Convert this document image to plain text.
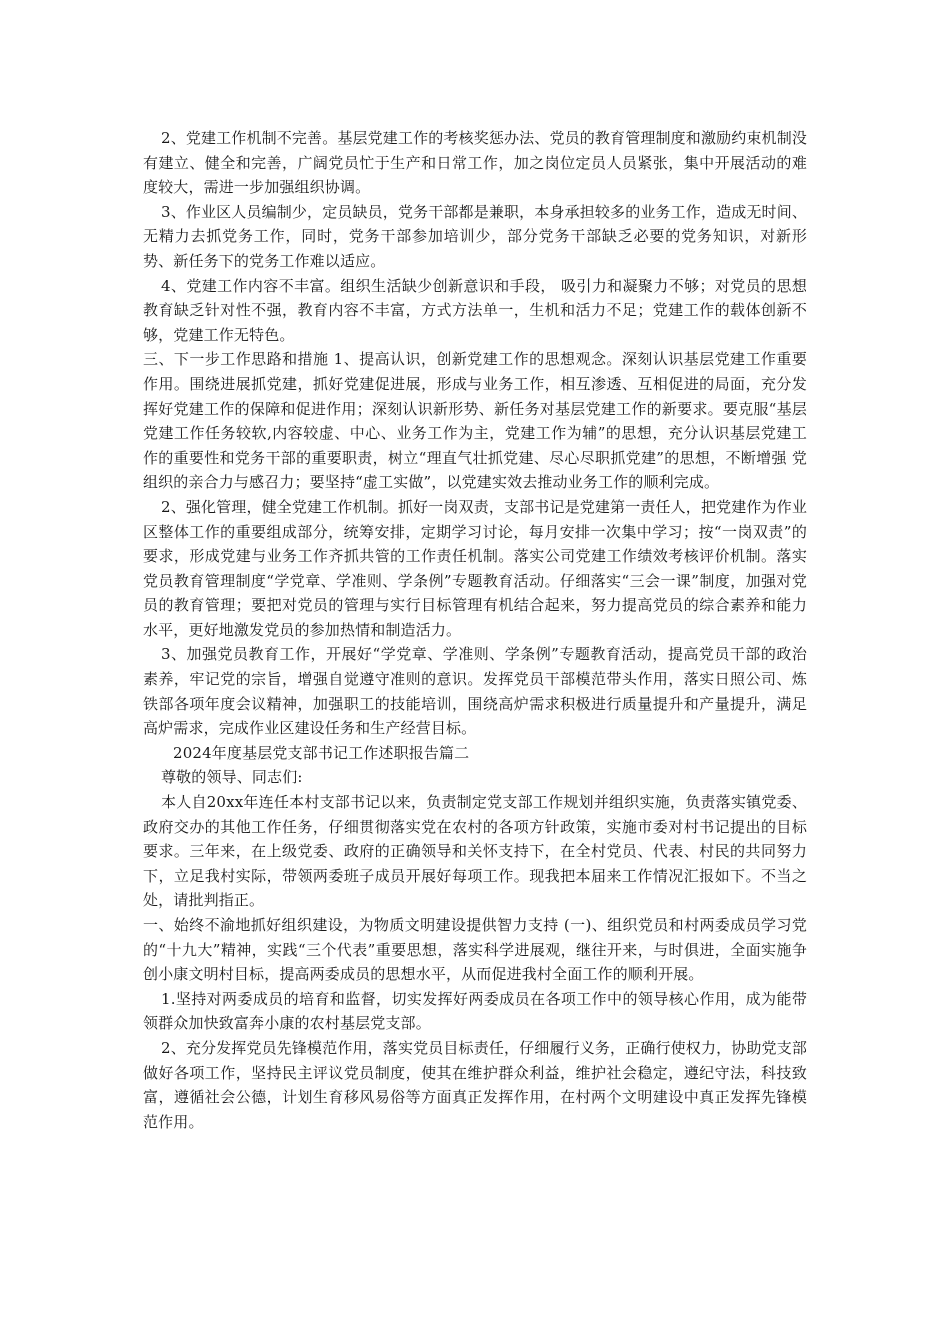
2、党建工作机制不完善。基层党建工作的考核奖惩办法、党员的教育管理制度和激励约束机制没有建立、健全和完善，广阔党员忙于生产和日常工作，加之岗位定员人员紧张，集中开展活动的难度较大，需进一步加强组织协调。

3、作业区人员编制少，定员缺员，党务干部都是兼职，本身承担较多的业务工作，造成无时间、无精力去抓党务工作，同时，党务干部参加培训少，部分党务干部缺乏必要的党务知识，对新形势、新任务下的党务工作难以适应。

4、党建工作内容不丰富。组织生活缺少创新意识和手段， 吸引力和凝聚力不够；对党员的思想教育缺乏针对性不强，教育内容不丰富，方式方法单一，生机和活力不足；党建工作的载体创新不够，党建工作无特色。

三、下一步工作思路和措施 1、提高认识，创新党建工作的思想观念。深刻认识基层党建工作重要作用。围绕进展抓党建，抓好党建促进展，形成与业务工作，相互渗透、互相促进的局面，充分发挥好党建工作的保障和促进作用；深刻认识新形势、新任务对基层党建工作的新要求。要克服“基层党建工作任务较软,内容较虚、中心、业务工作为主，党建工作为辅”的思想，充分认识基层党建工作的重要性和党务干部的重要职责，树立“理直气壮抓党建、尽心尽职抓党建”的思想，不断增强 党组织的亲合力与感召力；要坚持“虚工实做”，以党建实效去推动业务工作的顺利完成。

2、强化管理，健全党建工作机制。抓好一岗双责，支部书记是党建第一责任人，把党建作为作业区整体工作的重要组成部分，统筹安排，定期学习讨论，每月安排一次集中学习；按“一岗双责”的要求，形成党建与业务工作齐抓共管的工作责任机制。落实公司党建工作绩效考核评价机制。落实党员教育管理制度“学党章、学准则、学条例”专题教育活动。仔细落实“三会一课”制度，加强对党员的教育管理；要把对党员的管理与实行目标管理有机结合起来，努力提高党员的综合素养和能力水平，更好地激发党员的参加热情和制造活力。

3、加强党员教育工作，开展好“学党章、学准则、学条例”专题教育活动，提高党员干部的政治素养，牢记党的宗旨，增强自觉遵守准则的意识。发挥党员干部模范带头作用，落实日照公司、炼铁部各项年度会议精神，加强职工的技能培训，围绕高炉需求积极进行质量提升和产量提升，满足高炉需求，完成作业区建设任务和生产经营目标。

2024年度基层党支部书记工作述职报告篇二

尊敬的领导、同志们:

本人自20xx年连任本村支部书记以来，负责制定党支部工作规划并组织实施，负责落实镇党委、政府交办的其他工作任务，仔细贯彻落实党在农村的各项方针政策，实施市委对村书记提出的目标要求。三年来，在上级党委、政府的正确领导和关怀支持下，在全村党员、代表、村民的共同努力下，立足我村实际，带领两委班子成员开展好每项工作。现我把本届来工作情况汇报如下。不当之处，请批判指正。

一、始终不渝地抓好组织建设，为物质文明建设提供智力支持 (一)、组织党员和村两委成员学习党的“十九大”精神，实践“三个代表”重要思想，落实科学进展观，继往开来，与时俱进，全面实施争创小康文明村目标，提高两委成员的思想水平，从而促进我村全面工作的顺利开展。

1.坚持对两委成员的培育和监督，切实发挥好两委成员在各项工作中的领导核心作用，成为能带领群众加快致富奔小康的农村基层党支部。

2、充分发挥党员先锋模范作用，落实党员目标责任，仔细履行义务，正确行使权力，协助党支部做好各项工作，坚持民主评议党员制度，使其在维护群众利益，维护社会稳定，遵纪守法，科技致富，遵循社会公德，计划生育移风易俗等方面真正发挥作用，在村两个文明建设中真正发挥先锋模范作用。
